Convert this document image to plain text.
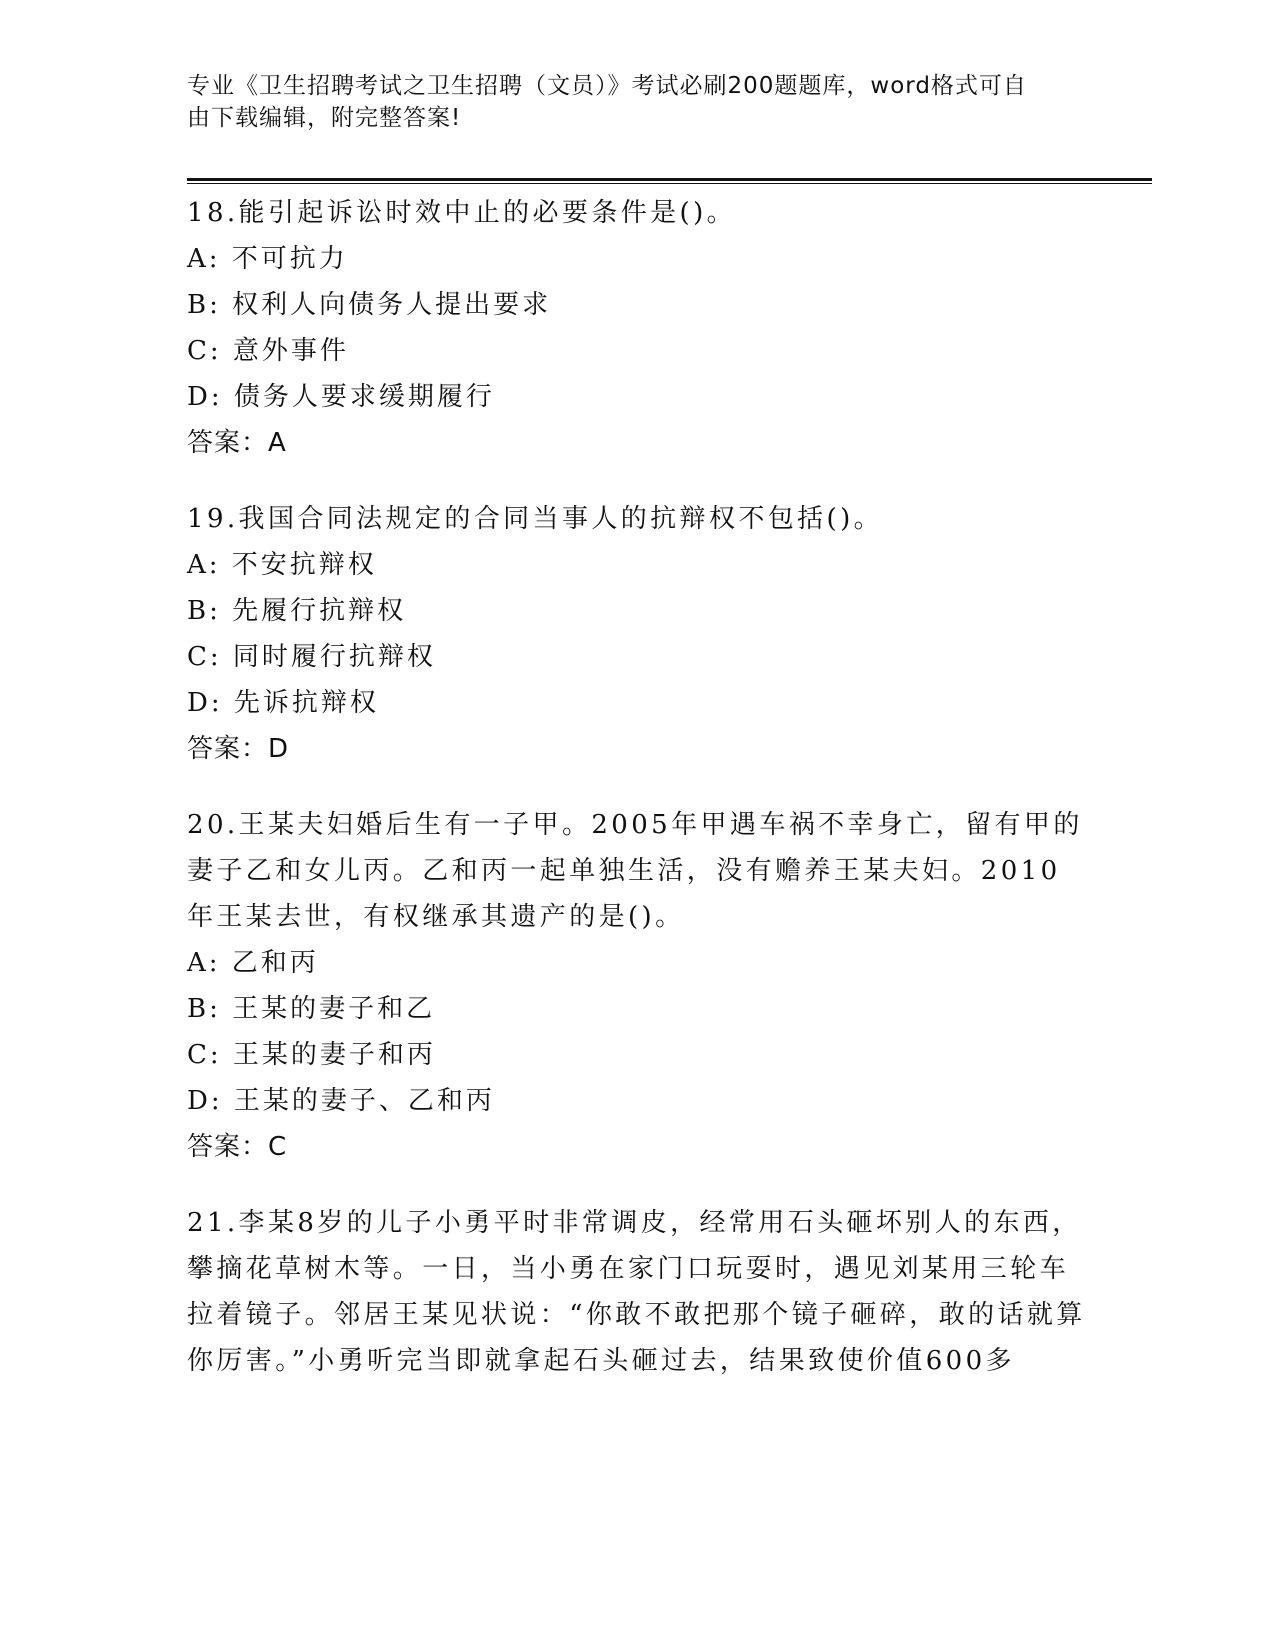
专业《卫生招聘考试之卫生招聘（文员）》考试必刷200题题库，word格式可自
由下载编辑，附完整答案!

18.能引起诉讼时效中止的必要条件是()。

A: 不可抗力

B: 权利人向债务人提出要求

C: 意外事件

D: 债务人要求缓期履行

答案：A

19.我国合同法规定的合同当事人的抗辩权不包括()。

A: 不安抗辩权

B: 先履行抗辩权

C: 同时履行抗辩权

D: 先诉抗辩权

答案：D

20.王某夫妇婚后生有一子甲。2005年甲遇车祸不幸身亡，留有甲的妻子乙和女儿丙。乙和丙一起单独生活，没有赡养王某夫妇。2010年王某去世，有权继承其遗产的是()。

A: 乙和丙

B: 王某的妻子和乙

C: 王某的妻子和丙

D: 王某的妻子、乙和丙

答案：C

21.李某8岁的儿子小勇平时非常调皮，经常用石头砸坏别人的东西，攀摘花草树木等。一日，当小勇在家门口玩耍时，遇见刘某用三轮车拉着镜子。邻居王某见状说：“你敢不敢把那个镜子砸碎，敢的话就算你厉害。”小勇听完当即就拿起石头砸过去，结果致使价值600多
